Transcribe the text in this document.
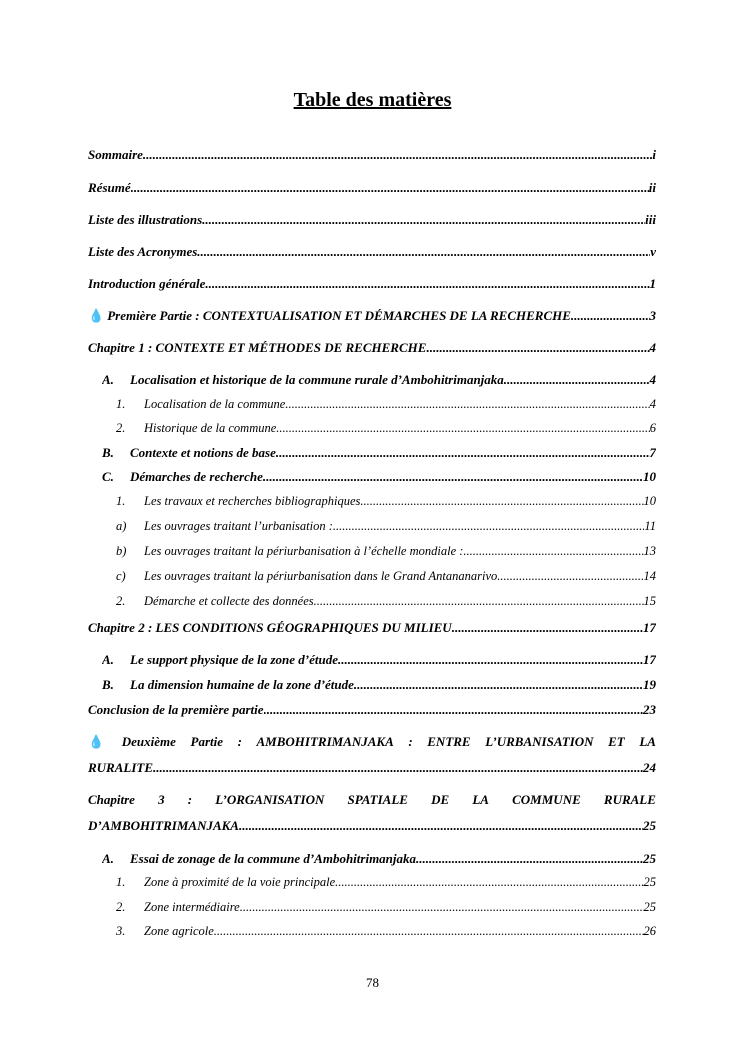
Table des matières
Sommaire .....	i
Résumé .....	ii
Liste des illustrations .....	iii
Liste des Acronymes .....	v
Introduction générale .....	1
💧 Première Partie : CONTEXTUALISATION ET DÉMARCHES DE LA RECHERCHE .....	3
Chapitre 1 : CONTEXTE ET MÉTHODES DE RECHERCHE .....	4
A.	Localisation et historique de la commune rurale d’Ambohitrimanjaka .....	4
1.	Localisation de la commune .....	4
2.	Historique de la commune .....	6
B.	Contexte et notions de base .....	7
C.	Démarches de recherche .....	10
1.	Les travaux et recherches bibliographiques .....	10
a)	Les ouvrages traitant l’urbanisation : .....	11
b)	Les ouvrages traitant la périurbanisation à l’échelle mondiale : .....	13
c)	Les ouvrages traitant la périurbanisation dans le Grand Antananarivo .....	14
2.	Démarche et collecte des données .....	15
Chapitre 2 : LES CONDITIONS GÉOGRAPHIQUES DU MILIEU .....	17
A.	Le support physique de la zone d’étude .....	17
B.	La dimension humaine de la zone d’étude .....	19
Conclusion de la première partie .....	23
💧 Deuxième Partie : AMBOHITRIMANJAKA : ENTRE L’URBANISATION ET LA
RURALITE .....	24
Chapitre 3 : L’ORGANISATION SPATIALE DE LA COMMUNE RURALE
D’AMBOHITRIMANJAKA. .....	25
A.	Essai de zonage de la commune d’Ambohitrimanjaka .....	25
1.	Zone à proximité de la voie principale .....	25
2.	Zone intermédiaire .....	25
3.	Zone agricole .....	26
78
